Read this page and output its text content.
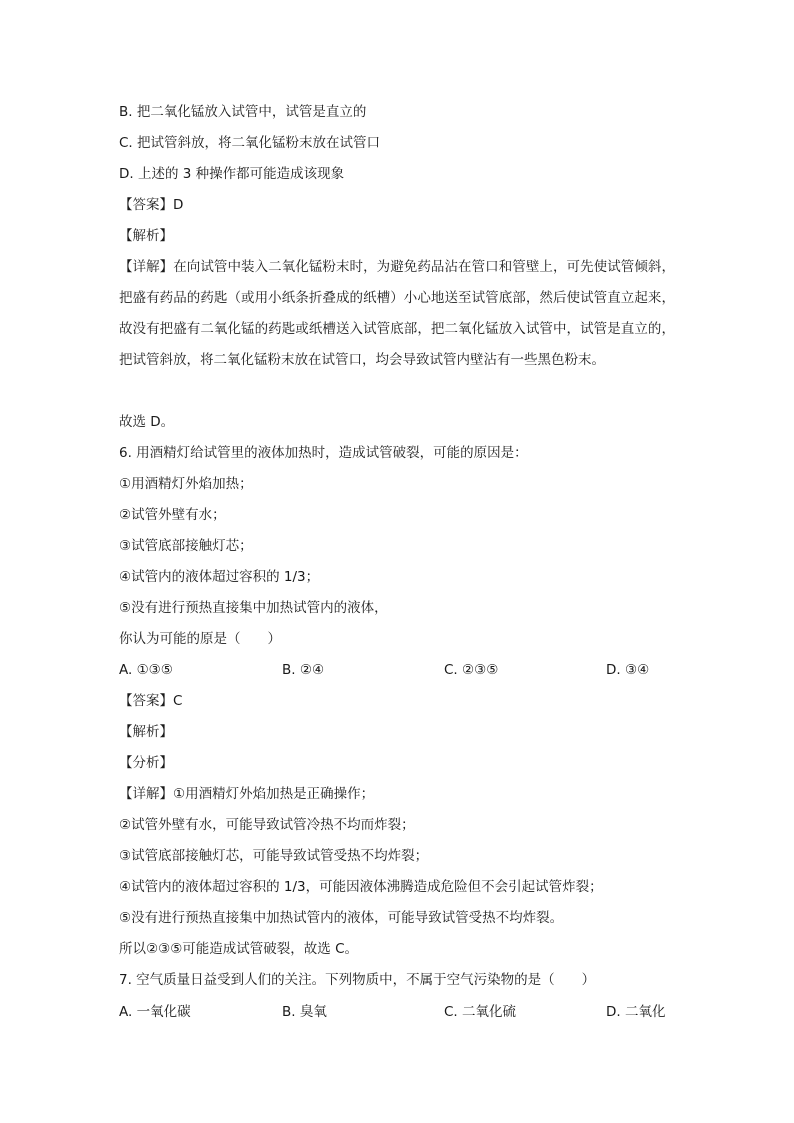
B. 把二氧化锰放入试管中，试管是直立的
C. 把试管斜放，将二氧化锰粉末放在试管口
D. 上述的 3 种操作都可能造成该现象
【答案】D
【解析】
【详解】在向试管中装入二氧化锰粉末时，为避免药品沾在管口和管壁上，可先使试管倾斜，把盛有药品的药匙（或用小纸条折叠成的纸槽）小心地送至试管底部，然后使试管直立起来，故没有把盛有二氧化锰的药匙或纸槽送入试管底部，把二氧化锰放入试管中，试管是直立的，把试管斜放，将二氧化锰粉末放在试管口，均会导致试管内壁沾有一些黑色粉末。
故选 D。
6. 用酒精灯给试管里的液体加热时，造成试管破裂，可能的原因是：
①用酒精灯外焰加热；
②试管外壁有水；
③试管底部接触灯芯；
④试管内的液体超过容积的 1/3；
⑤没有进行预热直接集中加热试管内的液体，
你认为可能的原是（　　）
A. ①③⑤	B. ②④	C. ②③⑤	D. ③④
【答案】C
【解析】
【分析】
【详解】①用酒精灯外焰加热是正确操作；
②试管外壁有水，可能导致试管冷热不均而炸裂；
③试管底部接触灯芯，可能导致试管受热不均炸裂；
④试管内的液体超过容积的 1/3，可能因液体沸腾造成危险但不会引起试管炸裂；
⑤没有进行预热直接集中加热试管内的液体，可能导致试管受热不均炸裂。
所以②③⑤可能造成试管破裂，故选 C。
7. 空气质量日益受到人们的关注。下列物质中，不属于空气污染物的是（　　）
A. 一氧化碳	B. 臭氧	C. 二氧化硫	D. 二氧化
